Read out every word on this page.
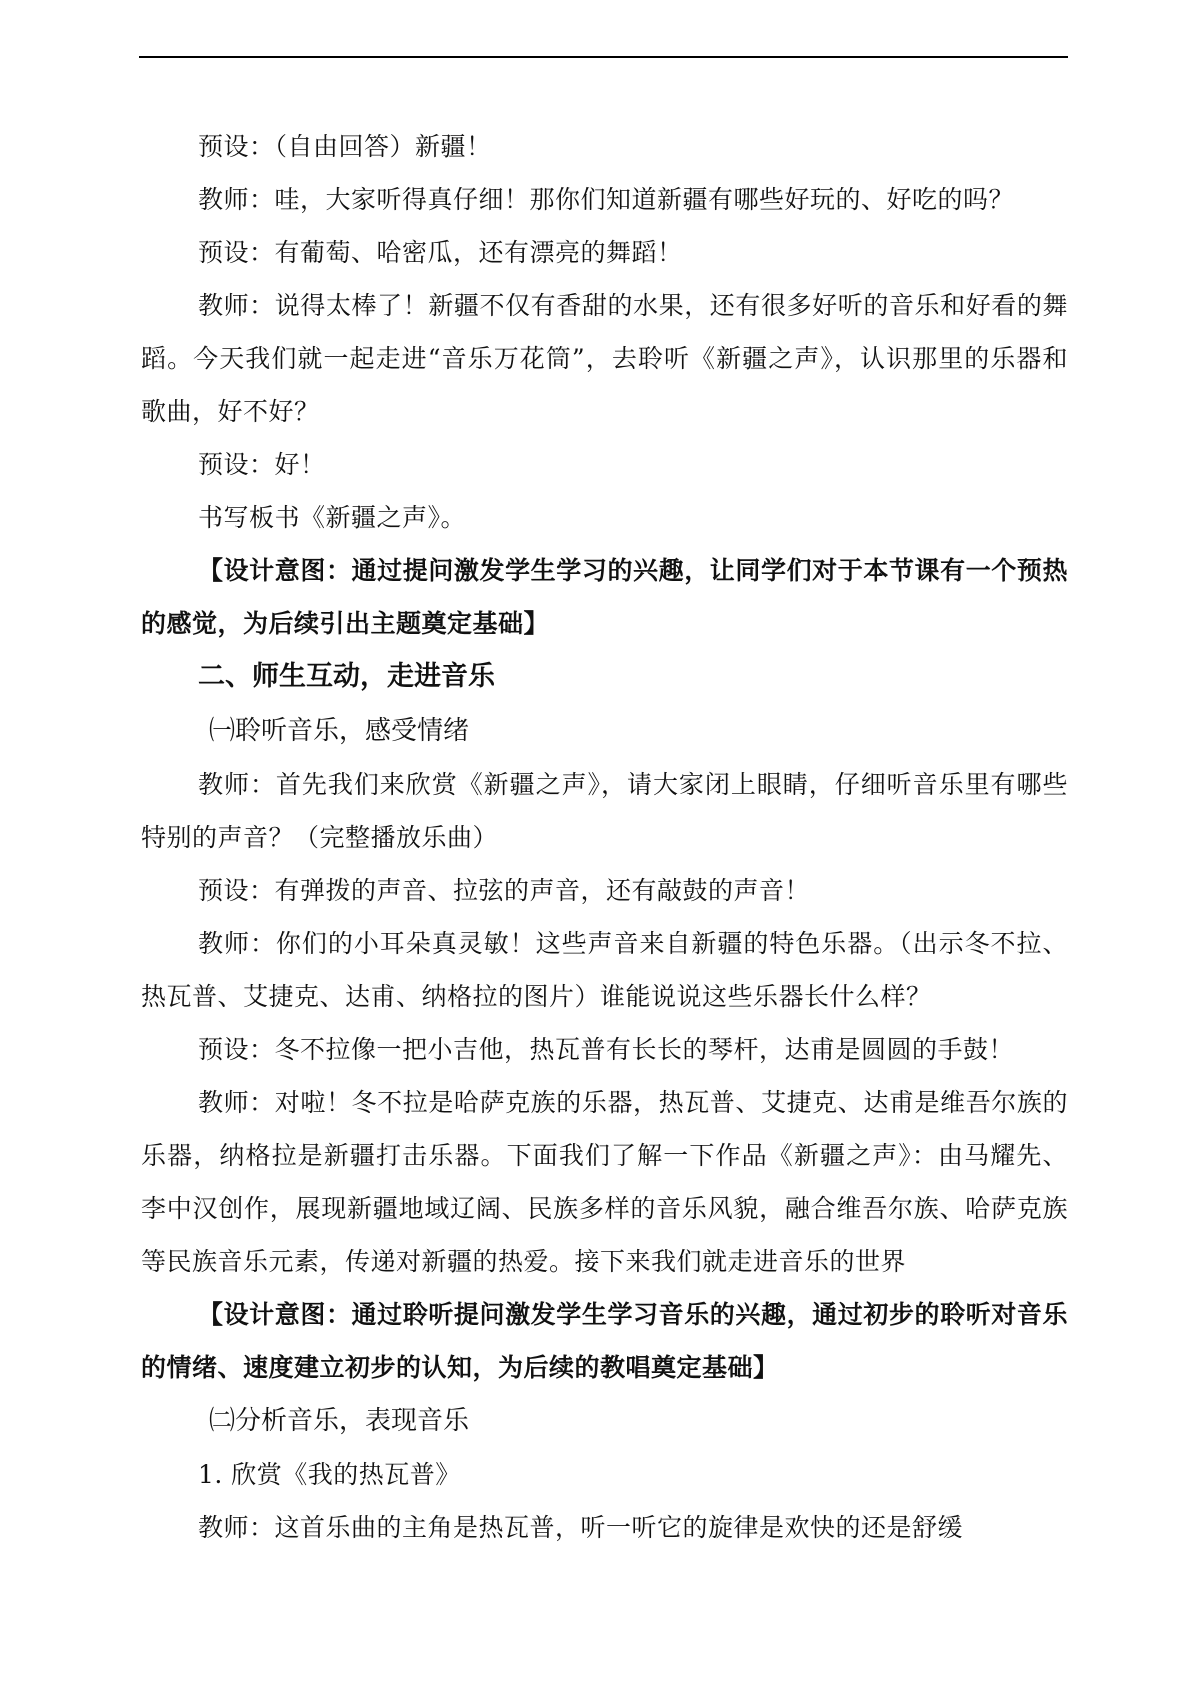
预设：（自由回答）新疆！

教师：哇，大家听得真仔细！那你们知道新疆有哪些好玩的、好吃的吗？

预设：有葡萄、哈密瓜，还有漂亮的舞蹈！

教师：说得太棒了！新疆不仅有香甜的水果，还有很多好听的音乐和好看的舞蹈。今天我们就一起走进“音乐万花筒”，去聆听《新疆之声》，认识那里的乐器和歌曲，好不好？

预设：好！

书写板书《新疆之声》。

【设计意图：通过提问激发学生学习的兴趣，让同学们对于本节课有一个预热的感觉，为后续引出主题奠定基础】

二、师生互动，走进音乐

㈠聆听音乐，感受情绪

教师：首先我们来欣赏《新疆之声》，请大家闭上眼睛，仔细听音乐里有哪些特别的声音？（完整播放乐曲）

预设：有弹拨的声音、拉弦的声音，还有敲鼓的声音！

教师：你们的小耳朵真灵敏！这些声音来自新疆的特色乐器。（出示冬不拉、热瓦普、艾捷克、达甫、纳格拉的图片）谁能说说这些乐器长什么样？

预设：冬不拉像一把小吉他，热瓦普有长长的琴杆，达甫是圆圆的手鼓！

教师：对啦！冬不拉是哈萨克族的乐器，热瓦普、艾捷克、达甫是维吾尔族的乐器，纳格拉是新疆打击乐器。下面我们了解一下作品《新疆之声》：由马耀先、李中汉创作，展现新疆地域辽阔、民族多样的音乐风貌，融合维吾尔族、哈萨克族等民族音乐元素，传递对新疆的热爱。接下来我们就走进音乐的世界

【设计意图：通过聆听提问激发学生学习音乐的兴趣，通过初步的聆听对音乐的情绪、速度建立初步的认知，为后续的教唱奠定基础】

㈡分析音乐，表现音乐

1. 欣赏《我的热瓦普》

教师：这首乐曲的主角是热瓦普，听一听它的旋律是欢快的还是舒缓
